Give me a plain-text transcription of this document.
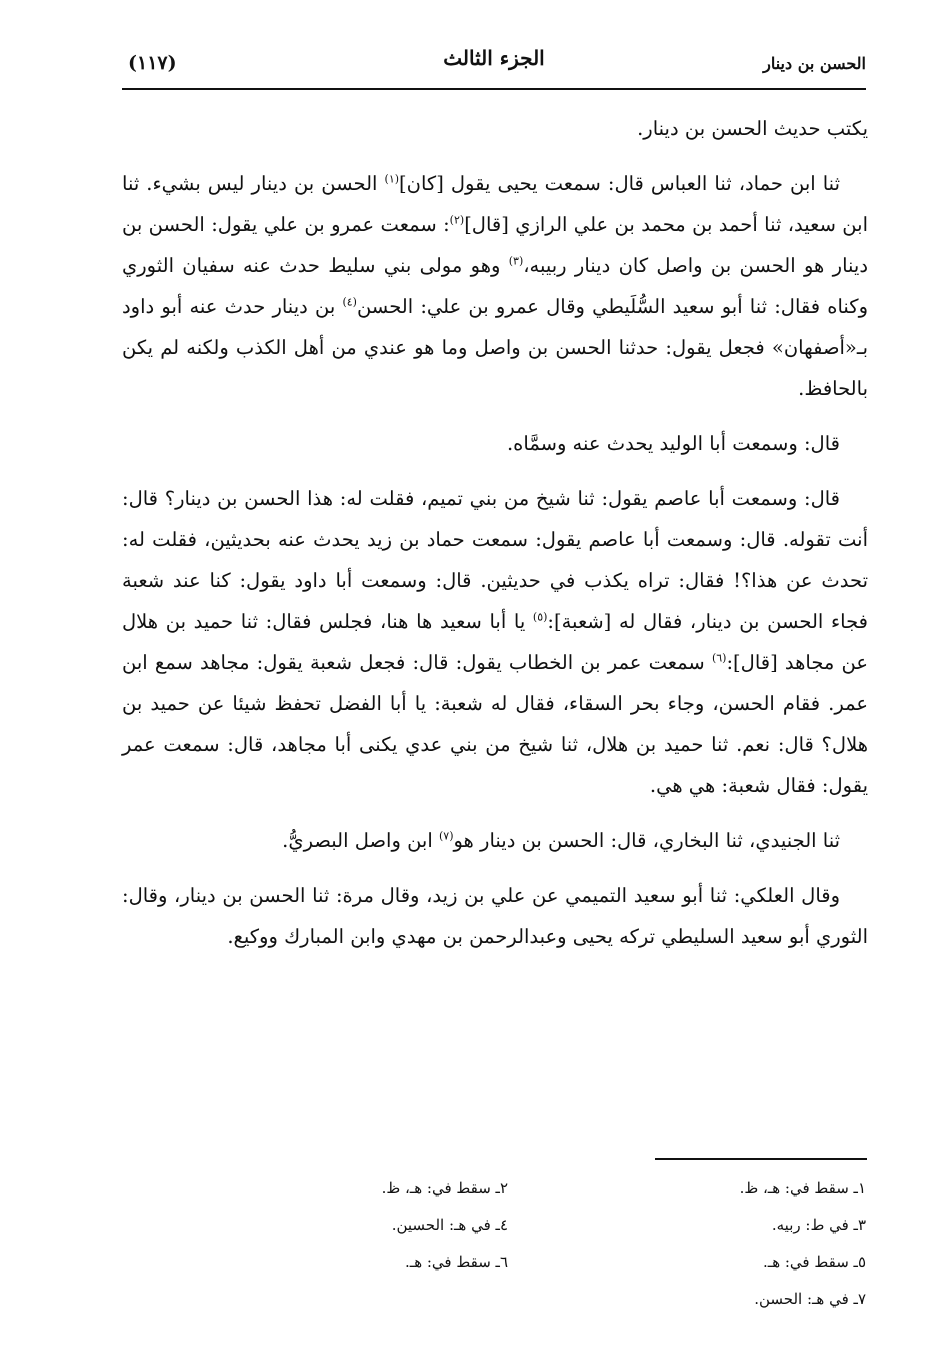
(١١٧)	الجزء الثالث	الحسن بن دينار

يكتب حديث الحسن بن دينار.

ثنا ابن حماد، ثنا العباس قال: سمعت يحيى يقول [كان]$^{(١)}$ الحسن بن دينار ليس بشيء. ثنا ابن سعيد، ثنا أحمد بن محمد بن علي الرازي [قال]$^{(٢)}$: سمعت عمرو بن علي يقول: الحسن بن دينار هو الحسن بن واصل كان دينار ربيبه،$^{(٣)}$ وهو مولى بني سليط حدث عنه سفيان الثوري وكناه فقال: ثنا أبو سعيد السُّلَيطي وقال عمرو بن علي: الحسن$^{(٤)}$ بن دينار حدث عنه أبو داود بـ«أصفهان» فجعل يقول: حدثنا الحسن بن واصل وما هو عندي من أهل الكذب ولكنه لم يكن بالحافظ.

قال: وسمعت أبا الوليد يحدث عنه وسمَّاه.

قال: وسمعت أبا عاصم يقول: ثنا شيخ من بني تميم، فقلت له: هذا الحسن بن دينار؟ قال: أنت تقوله. قال: وسمعت أبا عاصم يقول: سمعت حماد بن زيد يحدث عنه بحديثين، فقلت له: تحدث عن هذا؟! فقال: تراه يكذب في حديثين. قال: وسمعت أبا داود يقول: كنا عند شعبة فجاء الحسن بن دينار، فقال له [شعبة]:$^{(٥)}$ يا أبا سعيد ها هنا، فجلس فقال: ثنا حميد بن هلال عن مجاهد [قال]:$^{(٦)}$ سمعت عمر بن الخطاب يقول: قال: فجعل شعبة يقول: مجاهد سمع ابن عمر. فقام الحسن، وجاء بحر السقاء، فقال له شعبة: يا أبا الفضل تحفظ شيئا عن حميد بن هلال؟ قال: نعم. ثنا حميد بن هلال، ثنا شيخ من بني عدي يكنى أبا مجاهد، قال: سمعت عمر يقول: فقال شعبة: هي هي.

ثنا الجنيدي، ثنا البخاري، قال: الحسن بن دينار هو$^{(٧)}$ ابن واصل البصريُّ.

وقال العلكي: ثنا أبو سعيد التميمي عن علي بن زيد، وقال مرة: ثنا الحسن بن دينار، وقال: الثوري أبو سعيد السليطي تركه يحيى وعبدالرحمن بن مهدي وابن المبارك ووكيع.

١ـ سقط في: هـ، ظ.
٢ـ سقط في: هـ، ظ.
٣ـ في ط: ربيه.
٤ـ في هـ: الحسين.
٥ـ سقط في: هـ.
٦ـ سقط في: هـ.
٧ـ في هـ: الحسن.
